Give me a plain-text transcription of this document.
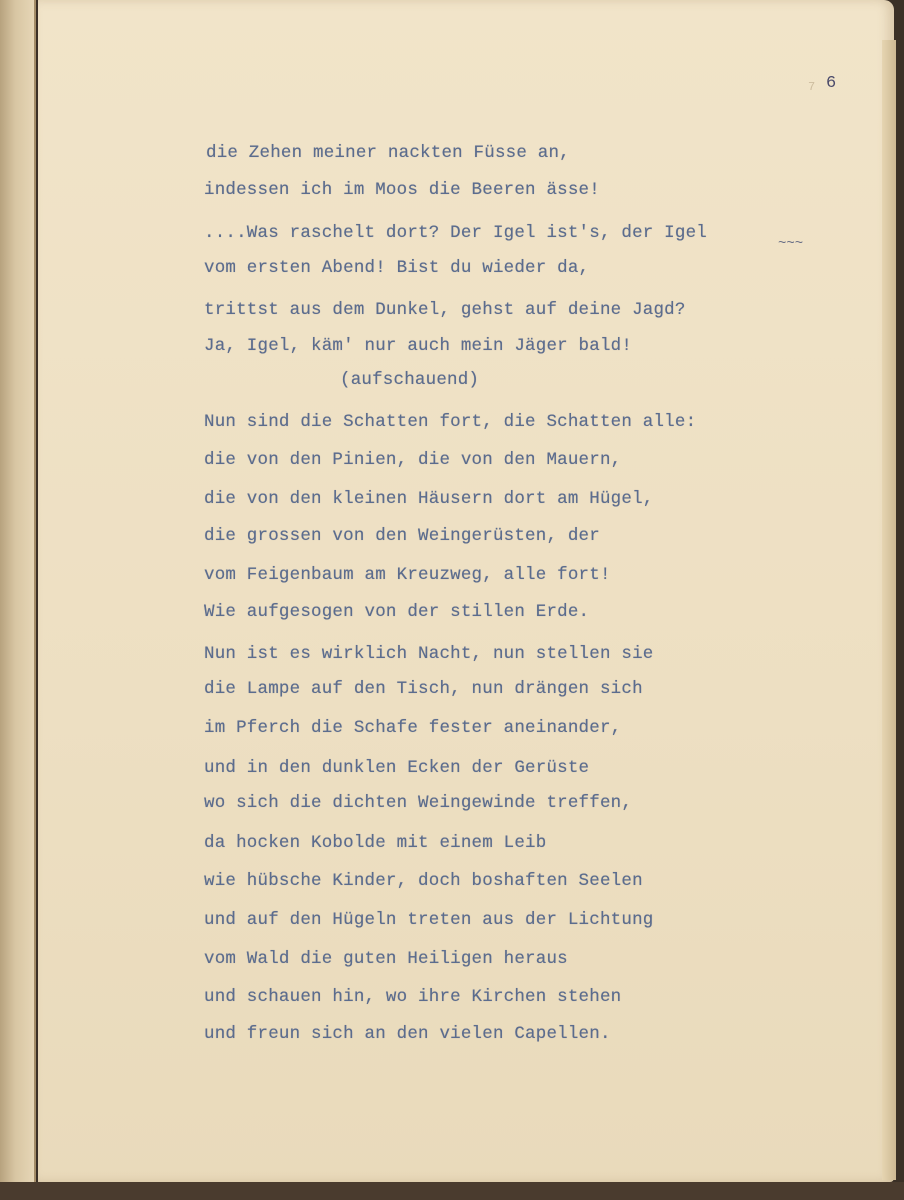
7 6

die Zehen meiner nackten Füsse an,

indessen ich im Moos die Beeren ässe!

....Was raschelt dort? Der Igel ist's, der Igel

vom ersten Abend! Bist du wieder da,

trittst aus dem Dunkel, gehst auf deine Jagd?

Ja, Igel, käm' nur auch mein Jäger bald!

(aufschauend)

Nun sind die Schatten fort, die Schatten alle:

die von den Pinien, die von den Mauern,

die von den kleinen Häusern dort am Hügel,

die grossen von den Weingerüsten, der

vom Feigenbaum am Kreuzweg, alle fort!

Wie aufgesogen von der stillen Erde.

Nun ist es wirklich Nacht, nun stellen sie

die Lampe auf den Tisch, nun drängen sich

im Pferch die Schafe fester aneinander,

und in den dunklen Ecken der Gerüste

wo sich die dichten Weingewinde treffen,

da hocken Kobolde mit einem Leib

wie hübsche Kinder, doch boshaften Seelen

und auf den Hügeln treten aus der Lichtung

vom Wald die guten Heiligen heraus

und schauen hin, wo ihre Kirchen stehen

und freun sich an den vielen Capellen.

~~~
